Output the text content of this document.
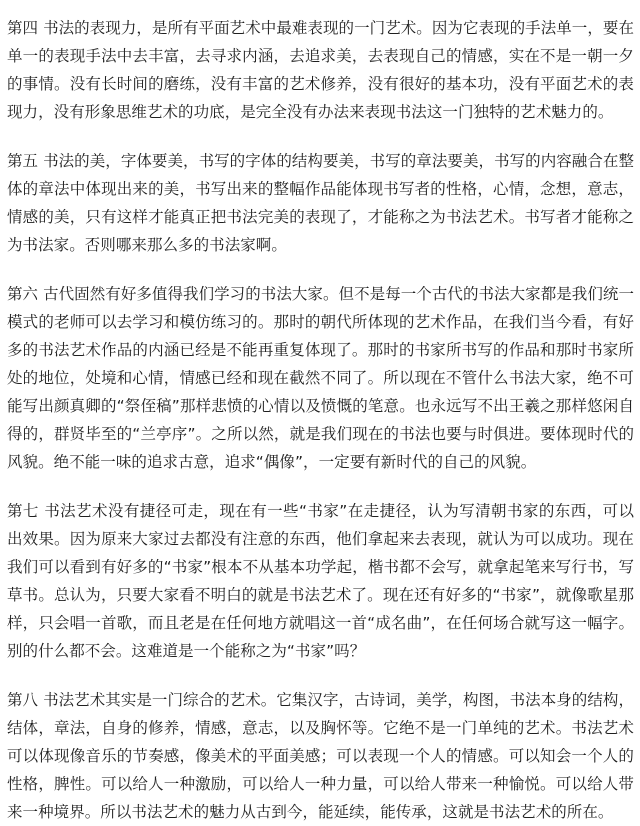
第四 书法的表现力，是所有平面艺术中最难表现的一门艺术。因为它表现的手法单一，要在单一的表现手法中去丰富，去寻求内涵，去追求美，去表现自己的情感，实在不是一朝一夕的事情。没有长时间的磨练，没有丰富的艺术修养，没有很好的基本功，没有平面艺术的表现力，没有形象思维艺术的功底，是完全没有办法来表现书法这一门独特的艺术魅力的。

第五 书法的美，字体要美，书写的字体的结构要美，书写的章法要美，书写的内容融合在整体的章法中体现出来的美，书写出来的整幅作品能体现书写者的性格，心情，念想，意志，情感的美，只有这样才能真正把书法完美的表现了，才能称之为书法艺术。书写者才能称之为书法家。否则哪来那么多的书法家啊。

第六 古代固然有好多值得我们学习的书法大家。但不是每一个古代的书法大家都是我们统一模式的老师可以去学习和模仿练习的。那时的朝代所体现的艺术作品，在我们当今看，有好多的书法艺术作品的内涵已经是不能再重复体现了。那时的书家所书写的作品和那时书家所处的地位，处境和心情，情感已经和现在截然不同了。所以现在不管什么书法大家，绝不可能写出颜真卿的“祭侄稿”那样悲愤的心情以及愤慨的笔意。也永远写不出王羲之那样悠闲自得的，群贤毕至的“兰亭序”。之所以然，就是我们现在的书法也要与时俱进。要体现时代的风貌。绝不能一味的追求古意，追求“偶像”，一定要有新时代的自己的风貌。

第七 书法艺术没有捷径可走，现在有一些“书家”在走捷径，认为写清朝书家的东西，可以出效果。因为原来大家过去都没有注意的东西，他们拿起来去表现，就认为可以成功。现在我们可以看到有好多的“书家”根本不从基本功学起，楷书都不会写，就拿起笔来写行书，写草书。总认为，只要大家看不明白的就是书法艺术了。现在还有好多的“书家”，就像歌星那样，只会唱一首歌，而且老是在任何地方就唱这一首“成名曲”，在任何场合就写这一幅字。别的什么都不会。这难道是一个能称之为“书家”吗？

第八 书法艺术其实是一门综合的艺术。它集汉字，古诗词，美学，构图，书法本身的结构，结体，章法，自身的修养，情感，意志，以及胸怀等。它绝不是一门单纯的艺术。书法艺术可以体现像音乐的节奏感，像美术的平面美感；可以表现一个人的情感。可以知会一个人的性格，脾性。可以给人一种激励，可以给人一种力量，可以给人带来一种愉悦。可以给人带来一种境界。所以书法艺术的魅力从古到今，能延续，能传承，这就是书法艺术的所在。
